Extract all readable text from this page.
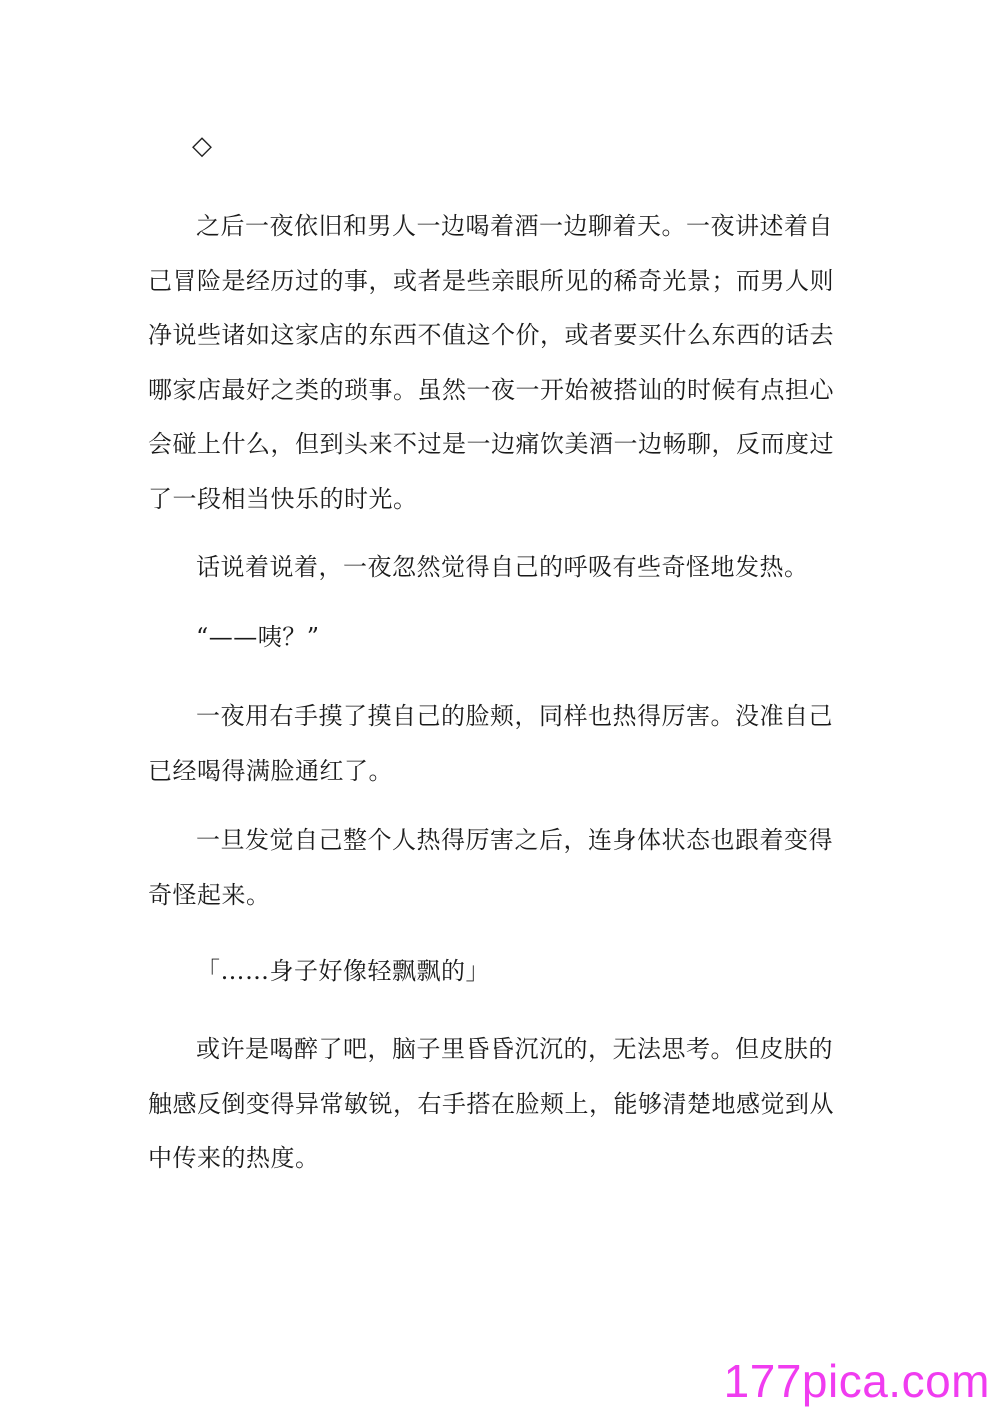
◇

之后一夜依旧和男人一边喝着酒一边聊着天。一夜讲述着自己冒险是经历过的事，或者是些亲眼所见的稀奇光景；而男人则净说些诸如这家店的东西不值这个价，或者要买什么东西的话去哪家店最好之类的琐事。虽然一夜一开始被搭讪的时候有点担心会碰上什么，但到头来不过是一边痛饮美酒一边畅聊，反而度过了一段相当快乐的时光。

话说着说着，一夜忽然觉得自己的呼吸有些奇怪地发热。

“——咦？”

一夜用右手摸了摸自己的脸颊，同样也热得厉害。没准自己已经喝得满脸通红了。

一旦发觉自己整个人热得厉害之后，连身体状态也跟着变得奇怪起来。

「……身子好像轻飘飘的」

或许是喝醉了吧，脑子里昏昏沉沉的，无法思考。但皮肤的触感反倒变得异常敏锐，右手搭在脸颊上，能够清楚地感觉到从中传来的热度。

177pica.com
